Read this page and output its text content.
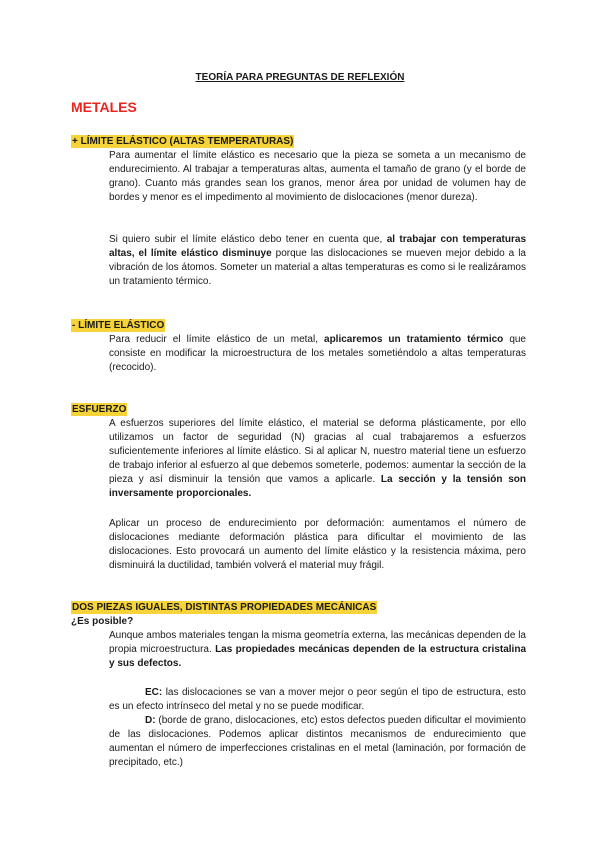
TEORÍA PARA PREGUNTAS DE REFLEXIÓN
METALES
+ LÍMITE ELÁSTICO (ALTAS TEMPERATURAS)
Para aumentar el límite elástico es necesario que la pieza se someta a un mecanismo de endurecimiento. Al trabajar a temperaturas altas, aumenta el tamaño de grano (y el borde de grano). Cuanto más grandes sean los granos, menor área por unidad de volumen hay de bordes y menor es el impedimento al movimiento de dislocaciones (menor dureza).
Si quiero subir el límite elástico debo tener en cuenta que, al trabajar con temperaturas altas, el límite elástico disminuye porque las dislocaciones se mueven mejor debido a la vibración de los átomos. Someter un material a altas temperaturas es como si le realizáramos un tratamiento térmico.
- LÍMITE ELÁSTICO
Para reducir el límite elástico de un metal, aplicaremos un tratamiento térmico que consiste en modificar la microestructura de los metales sometiéndolo a altas temperaturas (recocido).
ESFUERZO
A esfuerzos superiores del límite elástico, el material se deforma plásticamente, por ello utilizamos un factor de seguridad (N) gracias al cual trabajaremos a esfuerzos suficientemente inferiores al límite elástico. Si al aplicar N, nuestro material tiene un esfuerzo de trabajo inferior al esfuerzo al que debemos someterle, podemos: aumentar la sección de la pieza y así disminuir la tensión que vamos a aplicarle. La sección y la tensión son inversamente proporcionales.
Aplicar un proceso de endurecimiento por deformación: aumentamos el número de dislocaciones mediante deformación plástica para dificultar el movimiento de las dislocaciones. Esto provocará un aumento del límite elástico y la resistencia máxima, pero disminuirá la ductilidad, también volverá el material muy frágil.
DOS PIEZAS IGUALES, DISTINTAS PROPIEDADES MECÁNICAS
¿Es posible?
Aunque ambos materiales tengan la misma geometría externa, las mecánicas dependen de la propia microestructura. Las propiedades mecánicas dependen de la estructura cristalina y sus defectos.
EC: las dislocaciones se van a mover mejor o peor según el tipo de estructura, esto es un efecto intrínseco del metal y no se puede modificar.
D: (borde de grano, dislocaciones, etc) estos defectos pueden dificultar el movimiento de las dislocaciones. Podemos aplicar distintos mecanismos de endurecimiento que aumentan el número de imperfecciones cristalinas en el metal (laminación, por formación de precipitado, etc.)
